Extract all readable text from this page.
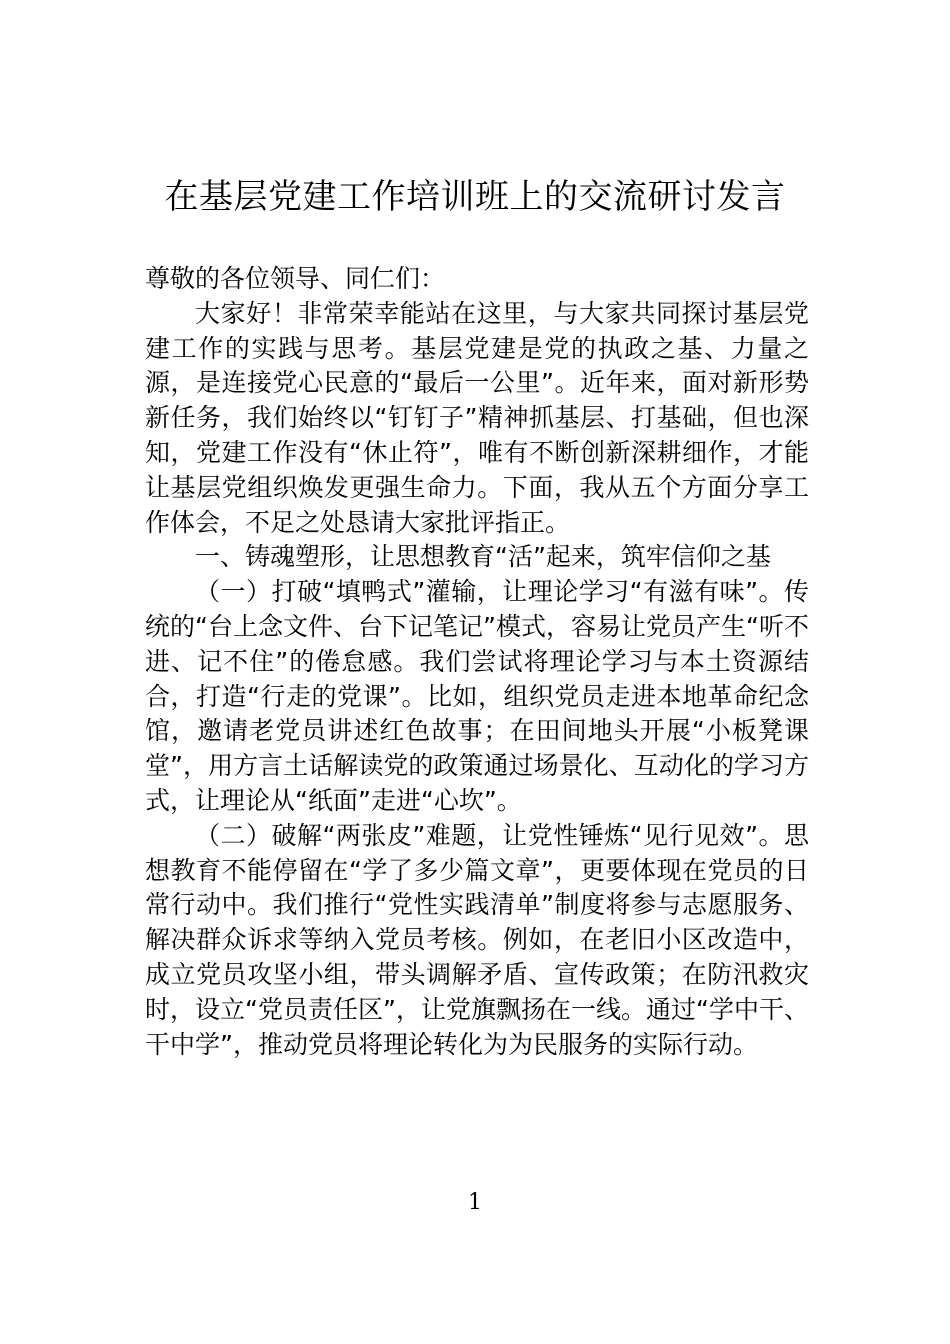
在基层党建工作培训班上的交流研讨发言

尊敬的各位领导、同仁们：

大家好！非常荣幸能站在这里，与大家共同探讨基层党建工作的实践与思考。基层党建是党的执政之基、力量之源，是连接党心民意的“最后一公里”。近年来，面对新形势新任务，我们始终以“钉钉子”精神抓基层、打基础，但也深知，党建工作没有“休止符”，唯有不断创新深耕细作，才能让基层党组织焕发更强生命力。下面，我从五个方面分享工作体会，不足之处恳请大家批评指正。

一、铸魂塑形，让思想教育“活”起来，筑牢信仰之基

（一）打破“填鸭式”灌输，让理论学习“有滋有味”。传统的“台上念文件、台下记笔记”模式，容易让党员产生“听不进、记不住”的倦怠感。我们尝试将理论学习与本土资源结合，打造“行走的党课”。比如，组织党员走进本地革命纪念馆，邀请老党员讲述红色故事；在田间地头开展“小板凳课堂”，用方言土话解读党的政策通过场景化、互动化的学习方式，让理论从“纸面”走进“心坎”。

（二）破解“两张皮”难题，让党性锤炼“见行见效”。思想教育不能停留在“学了多少篇文章”，更要体现在党员的日常行动中。我们推行“党性实践清单”制度将参与志愿服务、解决群众诉求等纳入党员考核。例如，在老旧小区改造中，成立党员攻坚小组，带头调解矛盾、宣传政策；在防汛救灾时，设立“党员责任区”，让党旗飘扬在一线。通过“学中干、干中学”，推动党员将理论转化为为民服务的实际行动。

1
